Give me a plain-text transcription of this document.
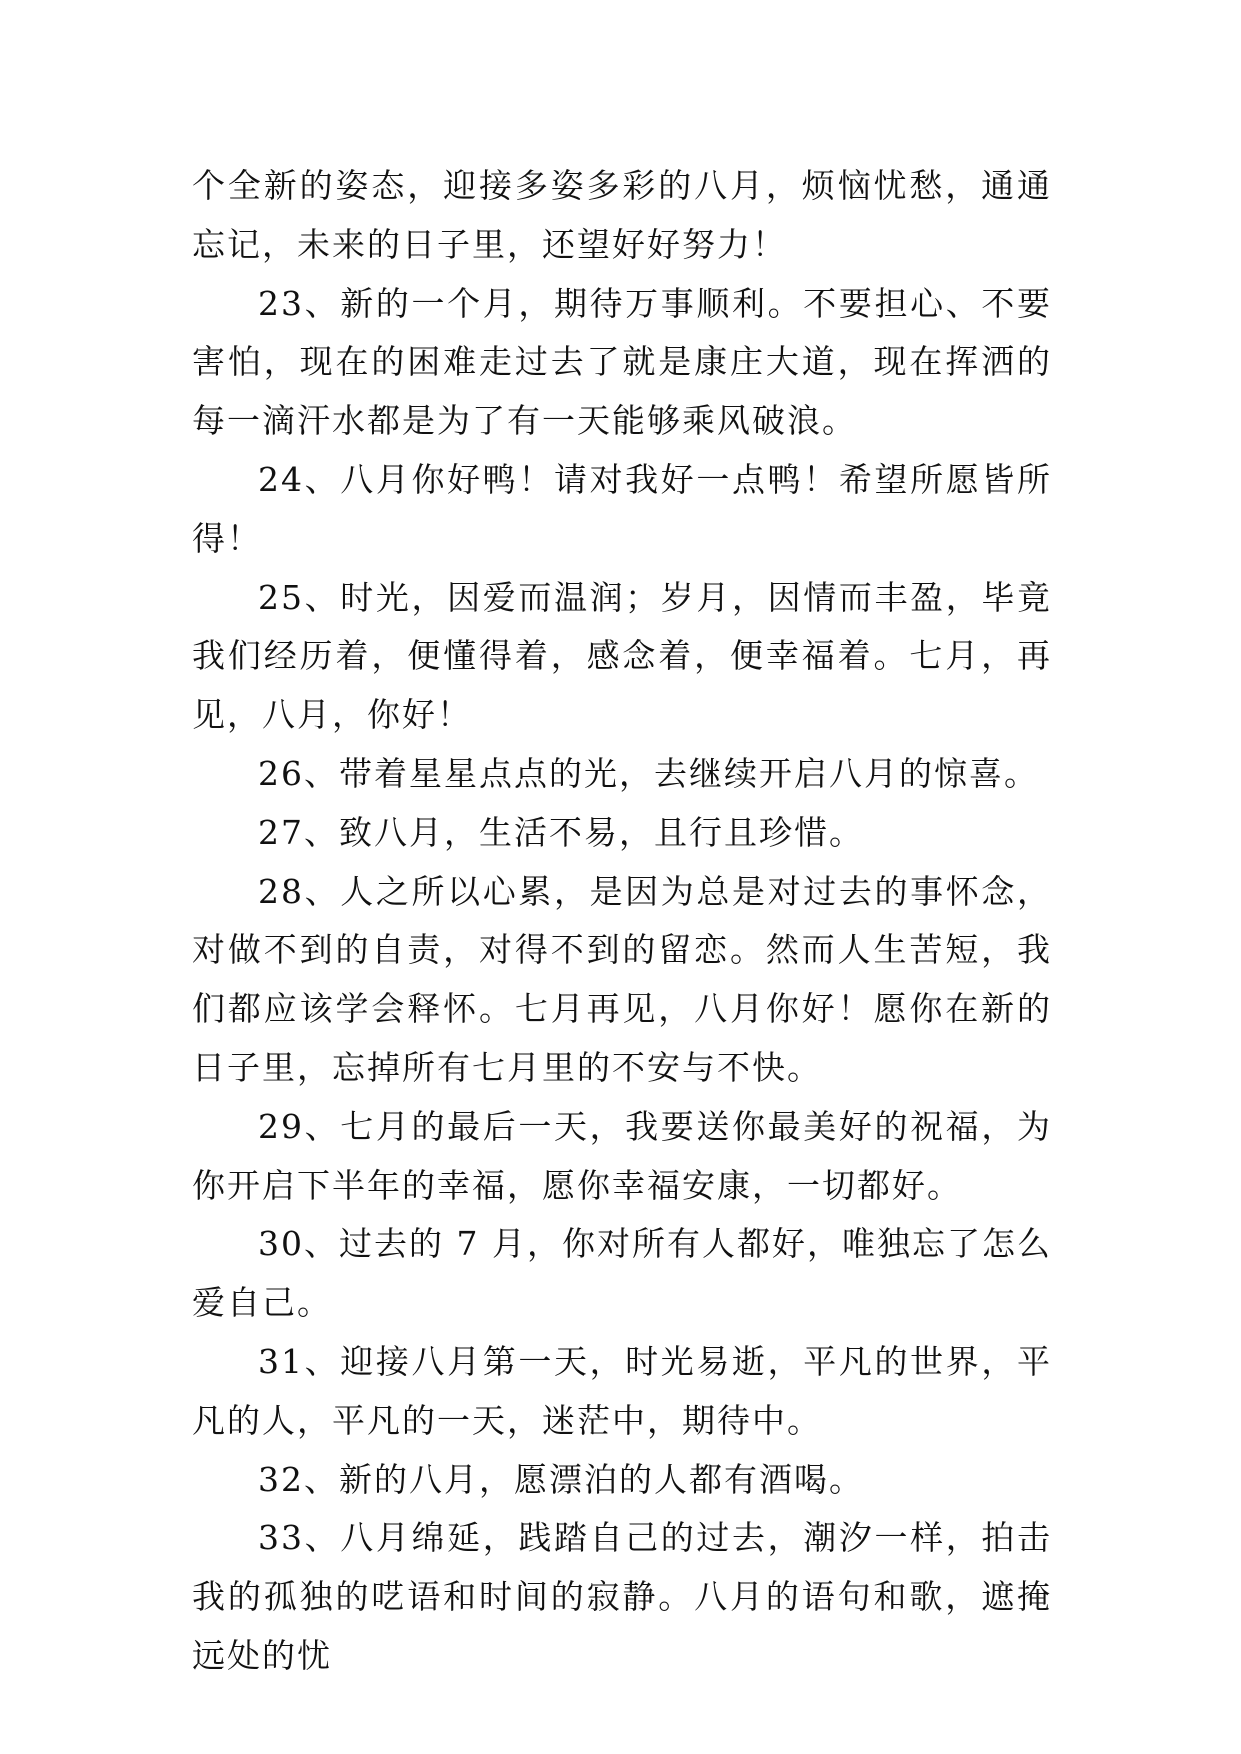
个全新的姿态，迎接多姿多彩的八月，烦恼忧愁，通通忘记，未来的日子里，还望好好努力！

23、新的一个月，期待万事顺利。不要担心、不要害怕，现在的困难走过去了就是康庄大道，现在挥洒的每一滴汗水都是为了有一天能够乘风破浪。

24、八月你好鸭！请对我好一点鸭！希望所愿皆所得！

25、时光，因爱而温润；岁月，因情而丰盈，毕竟我们经历着，便懂得着，感念着，便幸福着。七月，再见，八月，你好！

26、带着星星点点的光，去继续开启八月的惊喜。

27、致八月，生活不易，且行且珍惜。

28、人之所以心累，是因为总是对过去的事怀念，对做不到的自责，对得不到的留恋。然而人生苦短，我们都应该学会释怀。七月再见，八月你好！愿你在新的日子里，忘掉所有七月里的不安与不快。

29、七月的最后一天，我要送你最美好的祝福，为你开启下半年的幸福，愿你幸福安康，一切都好。

30、过去的 7 月，你对所有人都好，唯独忘了怎么爱自己。

31、迎接八月第一天，时光易逝，平凡的世界，平凡的人，平凡的一天，迷茫中，期待中。

32、新的八月，愿漂泊的人都有酒喝。

33、八月绵延，践踏自己的过去，潮汐一样，拍击我的孤独的呓语和时间的寂静。八月的语句和歌，遮掩远处的忧
